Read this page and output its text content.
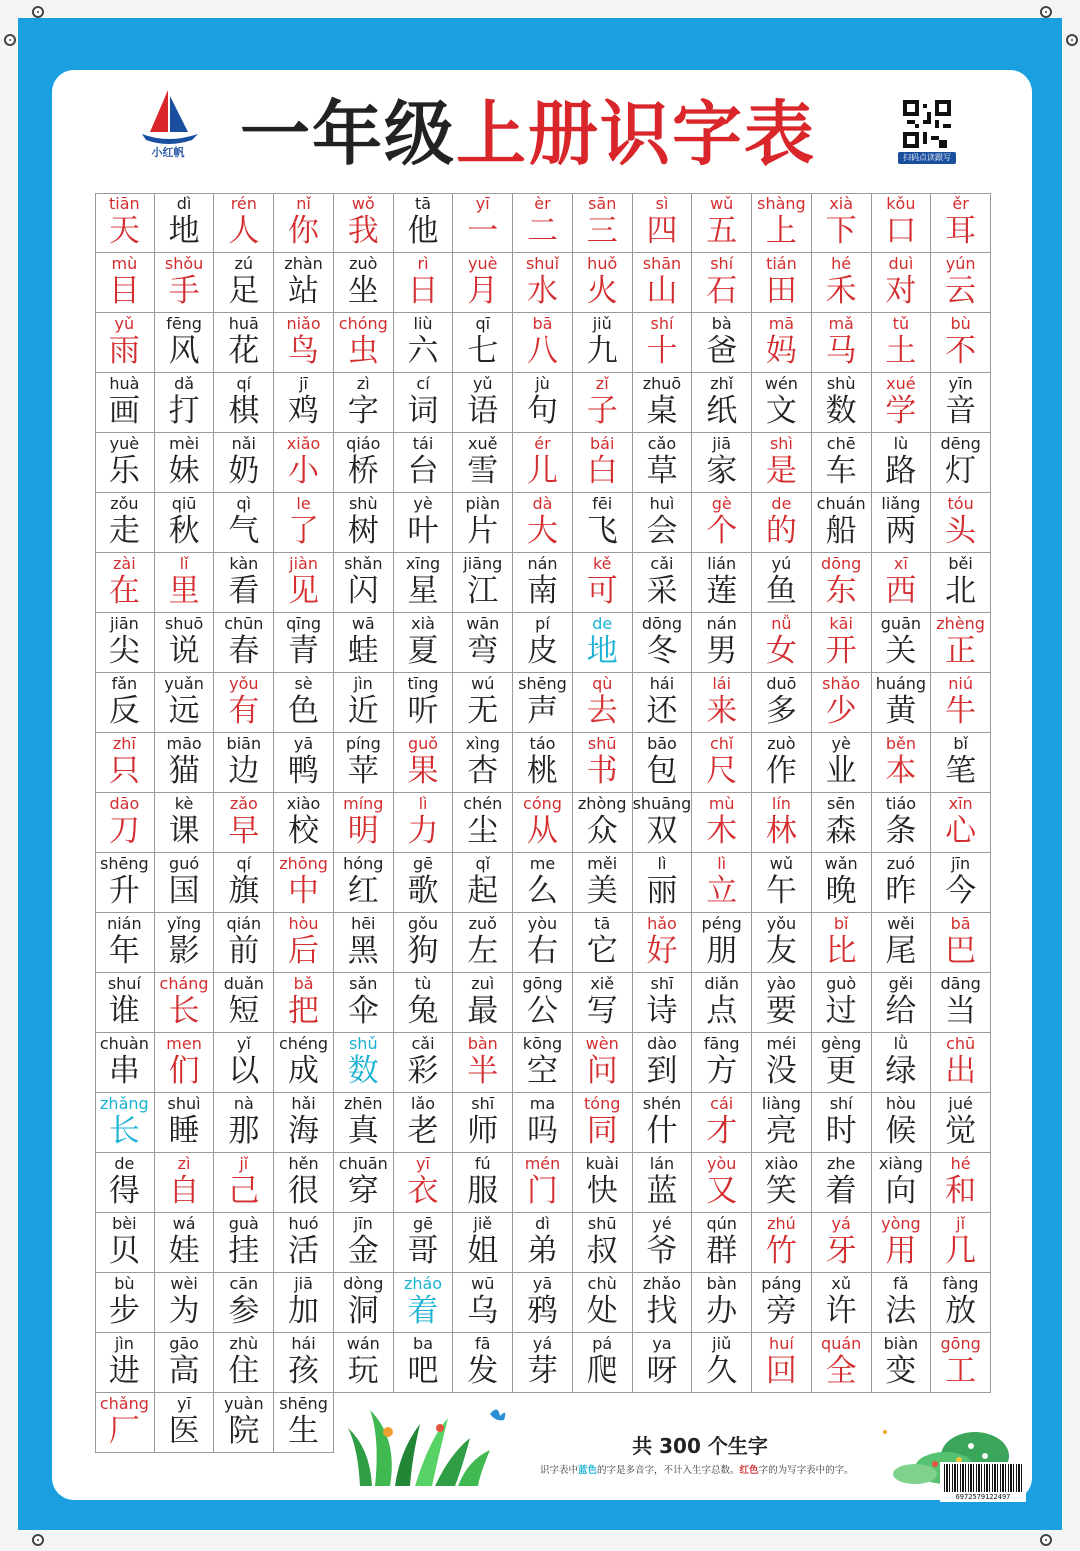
小红帆 一年级上册识字表	扫码点读跟写
tiān
天
dì
地
rén
人
nǐ
你
wǒ
我
tā
他
yī
一
èr
二
sān
三
sì
四
wǔ
五
shàng
上
xià
下
kǒu
口
ěr
耳
mù
目
shǒu
手
zú
足
zhàn
站
zuò
坐
rì
日
yuè
月
shuǐ
水
huǒ
火
shān
山
shí
石
tián
田
hé
禾
duì
对
yún
云
yǔ
雨
fēng
风
huā
花
niǎo
鸟
chóng
虫
liù
六
qī
七
bā
八
jiǔ
九
shí
十
bà
爸
mā
妈
mǎ
马
tǔ
土
bù
不
huà
画
dǎ
打
qí
棋
jī
鸡
zì
字
cí
词
yǔ
语
jù
句
zǐ
子
zhuō
桌
zhǐ
纸
wén
文
shù
数
xué
学
yīn
音
yuè
乐
mèi
妹
nǎi
奶
xiǎo
小
qiáo
桥
tái
台
xuě
雪
ér
儿
bái
白
cǎo
草
jiā
家
shì
是
chē
车
lù
路
dēng
灯
zǒu
走
qiū
秋
qì
气
le
了
shù
树
yè
叶
piàn
片
dà
大
fēi
飞
huì
会
gè
个
de
的
chuán
船
liǎng
两
tóu
头
zài
在
lǐ
里
kàn
看
jiàn
见
shǎn
闪
xīng
星
jiāng
江
nán
南
kě
可
cǎi
采
lián
莲
yú
鱼
dōng
东
xī
西
běi
北
jiān
尖
shuō
说
chūn
春
qīng
青
wā
蛙
xià
夏
wān
弯
pí
皮
de
地
dōng
冬
nán
男
nǚ
女
kāi
开
guān
关
zhèng
正
fǎn
反
yuǎn
远
yǒu
有
sè
色
jìn
近
tīng
听
wú
无
shēng
声
qù
去
hái
还
lái
来
duō
多
shǎo
少
huáng
黄
niú
牛
zhī
只
māo
猫
biān
边
yā
鸭
píng
苹
guǒ
果
xìng
杏
táo
桃
shū
书
bāo
包
chǐ
尺
zuò
作
yè
业
běn
本
bǐ
笔
dāo
刀
kè
课
zǎo
早
xiào
校
míng
明
lì
力
chén
尘
cóng
从
zhòng
众
shuāng
双
mù
木
lín
林
sēn
森
tiáo
条
xīn
心
shēng
升
guó
国
qí
旗
zhōng
中
hóng
红
gē
歌
qǐ
起
me
么
měi
美
lì
丽
lì
立
wǔ
午
wǎn
晚
zuó
昨
jīn
今
nián
年
yǐng
影
qián
前
hòu
后
hēi
黑
gǒu
狗
zuǒ
左
yòu
右
tā
它
hǎo
好
péng
朋
yǒu
友
bǐ
比
wěi
尾
bā
巴
shuí
谁
cháng
长
duǎn
短
bǎ
把
sǎn
伞
tù
兔
zuì
最
gōng
公
xiě
写
shī
诗
diǎn
点
yào
要
guò
过
gěi
给
dāng
当
chuàn
串
men
们
yǐ
以
chéng
成
shǔ
数
cǎi
彩
bàn
半
kōng
空
wèn
问
dào
到
fāng
方
méi
没
gèng
更
lǜ
绿
chū
出
zhǎng
长
shuì
睡
nà
那
hǎi
海
zhēn
真
lǎo
老
shī
师
ma
吗
tóng
同
shén
什
cái
才
liàng
亮
shí
时
hòu
候
jué
觉
de
得
zì
自
jǐ
己
hěn
很
chuān
穿
yī
衣
fú
服
mén
门
kuài
快
lán
蓝
yòu
又
xiào
笑
zhe
着
xiàng
向
hé
和
bèi
贝
wá
娃
guà
挂
huó
活
jīn
金
gē
哥
jiě
姐
dì
弟
shū
叔
yé
爷
qún
群
zhú
竹
yá
牙
yòng
用
jǐ
几
bù
步
wèi
为
cān
参
jiā
加
dòng
洞
zháo
着
wū
乌
yā
鸦
chù
处
zhǎo
找
bàn
办
páng
旁
xǔ
许
fǎ
法
fàng
放
jìn
进
gāo
高
zhù
住
hái
孩
wán
玩
ba
吧
fā
发
yá
芽
pá
爬
ya
呀
jiǔ
久
huí
回
quán
全
biàn
变
gōng
工
chǎng
厂
yī
医
yuàn
院
shēng
生	共 300 个生字
识字表中蓝色的字是多音字，不计入生字总数。红色字的为写字表中的字。
6972579122497
